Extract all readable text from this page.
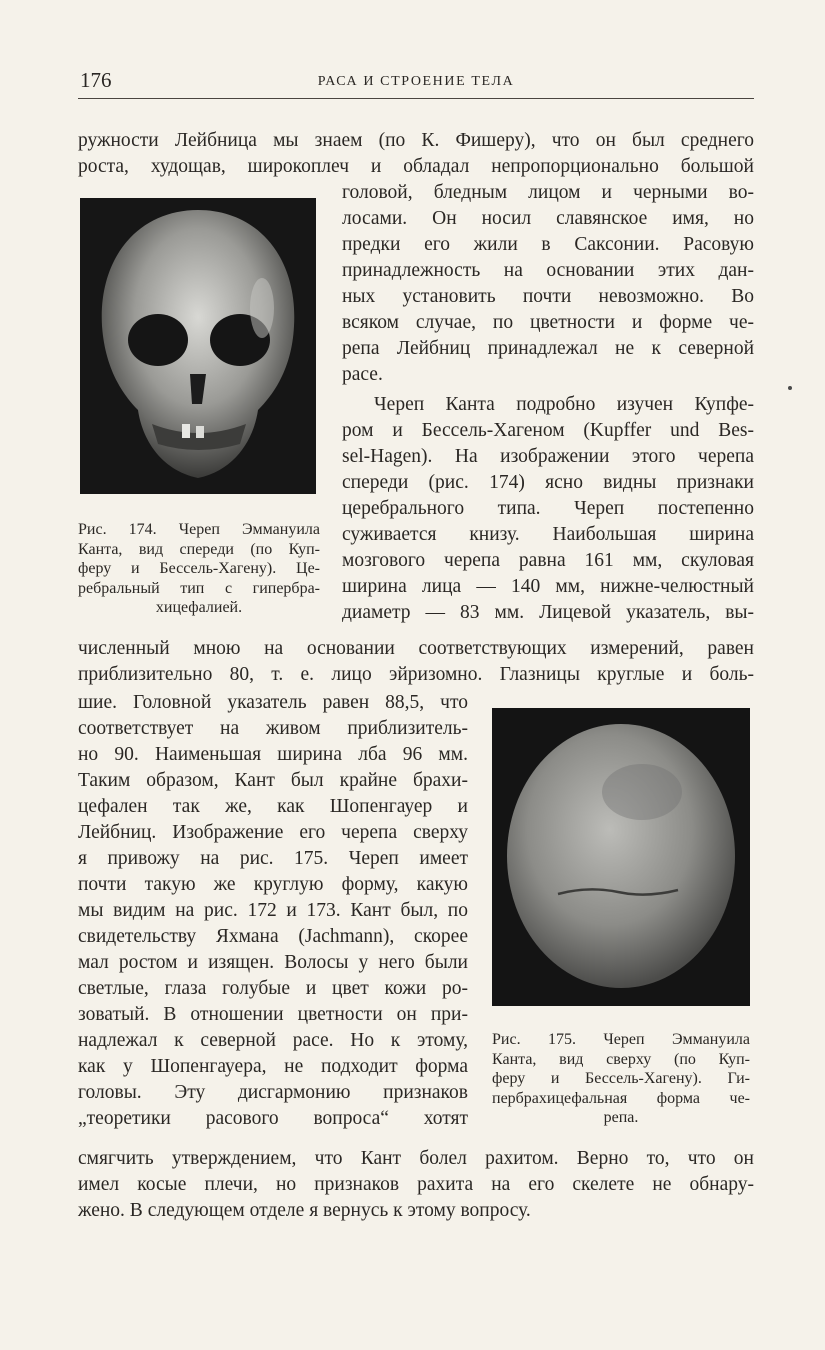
176	РАСА И СТРОЕНИЕ ТЕЛА
ружности Лейбница мы знаем (по К. Фишеру), что он был среднего
роста, худощав, широкоплеч и обладал непропорционально большой
головой, бледным лицом и черными во-
лосами. Он носил славянское имя, но
предки его жили в Саксонии. Расовую
принадлежность на основании этих дан-
ных установить почти невозможно. Во
всяком случае, по цветности и форме че-
репа Лейбниц принадлежал не к северной
расе.
Череп Канта подробно изучен Купфе-
ром и Бессель-Хагеном (Kupffer und Bes-
sel-Hagen). На изображении этого черепа
спереди (рис. 174) ясно видны признаки
церебрального типа. Череп постепенно
суживается книзу. Наибольшая ширина
мозгового черепа равна 161 мм, скуловая
ширина лица — 140 мм, нижне-челюстный
диаметр — 83 мм. Лицевой указатель, вы-
Рис. 174. Череп Эммануила
Канта, вид спереди (по Куп-
феру и Бессель-Хагену). Це-
ребральный тип с гипербра-
хицефалией.
численный мною на основании соответствующих измерений, равен
приблизительно 80, т. е. лицо эйризомно. Глазницы круглые и боль-
шие. Головной указатель равен 88,5, что
соответствует на живом приблизитель-
но 90. Наименьшая ширина лба 96 мм.
Таким образом, Кант был крайне брахи-
цефален так же, как Шопенгауер и
Лейбниц. Изображение его черепа сверху
я привожу на рис. 175. Череп имеет
почти такую же круглую форму, какую
мы видим на рис. 172 и 173. Кант был, по
свидетельству Яхмана (Jachmann), скорее
мал ростом и изящен. Волосы у него были
светлые, глаза голубые и цвет кожи ро-
зоватый. В отношении цветности он при-
надлежал к северной расе. Но к этому,
как у Шопенгауера, не подходит форма
головы. Эту дисгармонию признаков
„теоретики расового вопроса“ хотят
Рис. 175. Череп Эммануила
Канта, вид сверху (по Куп-
феру и Бессель-Хагену). Ги-
пербрахицефальная форма че-
репа.
смягчить утверждением, что Кант болел рахитом. Верно то, что он
имел косые плечи, но признаков рахита на его скелете не обнару-
жено. В следующем отделе я вернусь к этому вопросу.
